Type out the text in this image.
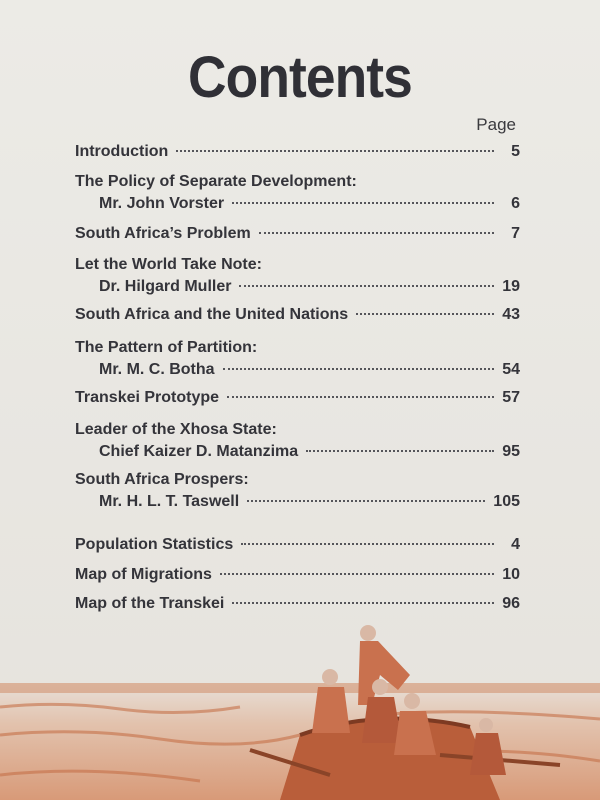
Contents
Page
Introduction	5
The Policy of Separate Development:
Mr. John Vorster	6
South Africa’s Problem	7
Let the World Take Note:
Dr. Hilgard Muller	19
South Africa and the United Nations	43
The Pattern of Partition:
Mr. M. C. Botha	54
Transkei Prototype	57
Leader of the Xhosa State:
Chief Kaizer D. Matanzima	95
South Africa Prospers:
Mr. H. L. T. Taswell	105
Population Statistics	4
Map of Migrations	10
Map of the Transkei	96
